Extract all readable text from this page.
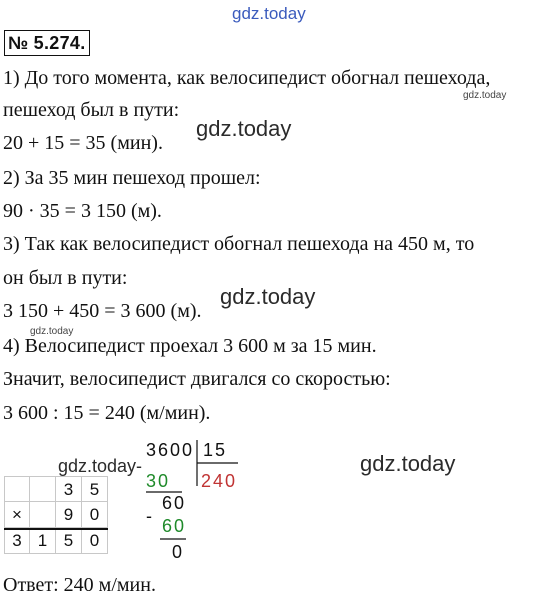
gdz.today
gdz.today
gdz.today
gdz.today
gdz.today
gdz.today
gdz.today-
№ 5.274.
1) До того момента, как велосипедист обогнал пешехода,
пешеход был в пути:
20 + 15 = 35 (мин).
2) За 35 мин пешеход прошел:
90 · 35 = 3 150 (м).
3) Так как велосипедист обогнал пешехода на 450 м, то
он был в пути:
3 150 + 450 = 3 600 (м).
4) Велосипедист проехал 3 600 м за 15 мин.
Значит, велосипедист двигался со скоростью:
3 600 : 15 = 240 (м/мин).
3 5
×	9 0
3 1 5 0
3600 15
30 240
60
- 60
0
Ответ: 240 м/мин.
